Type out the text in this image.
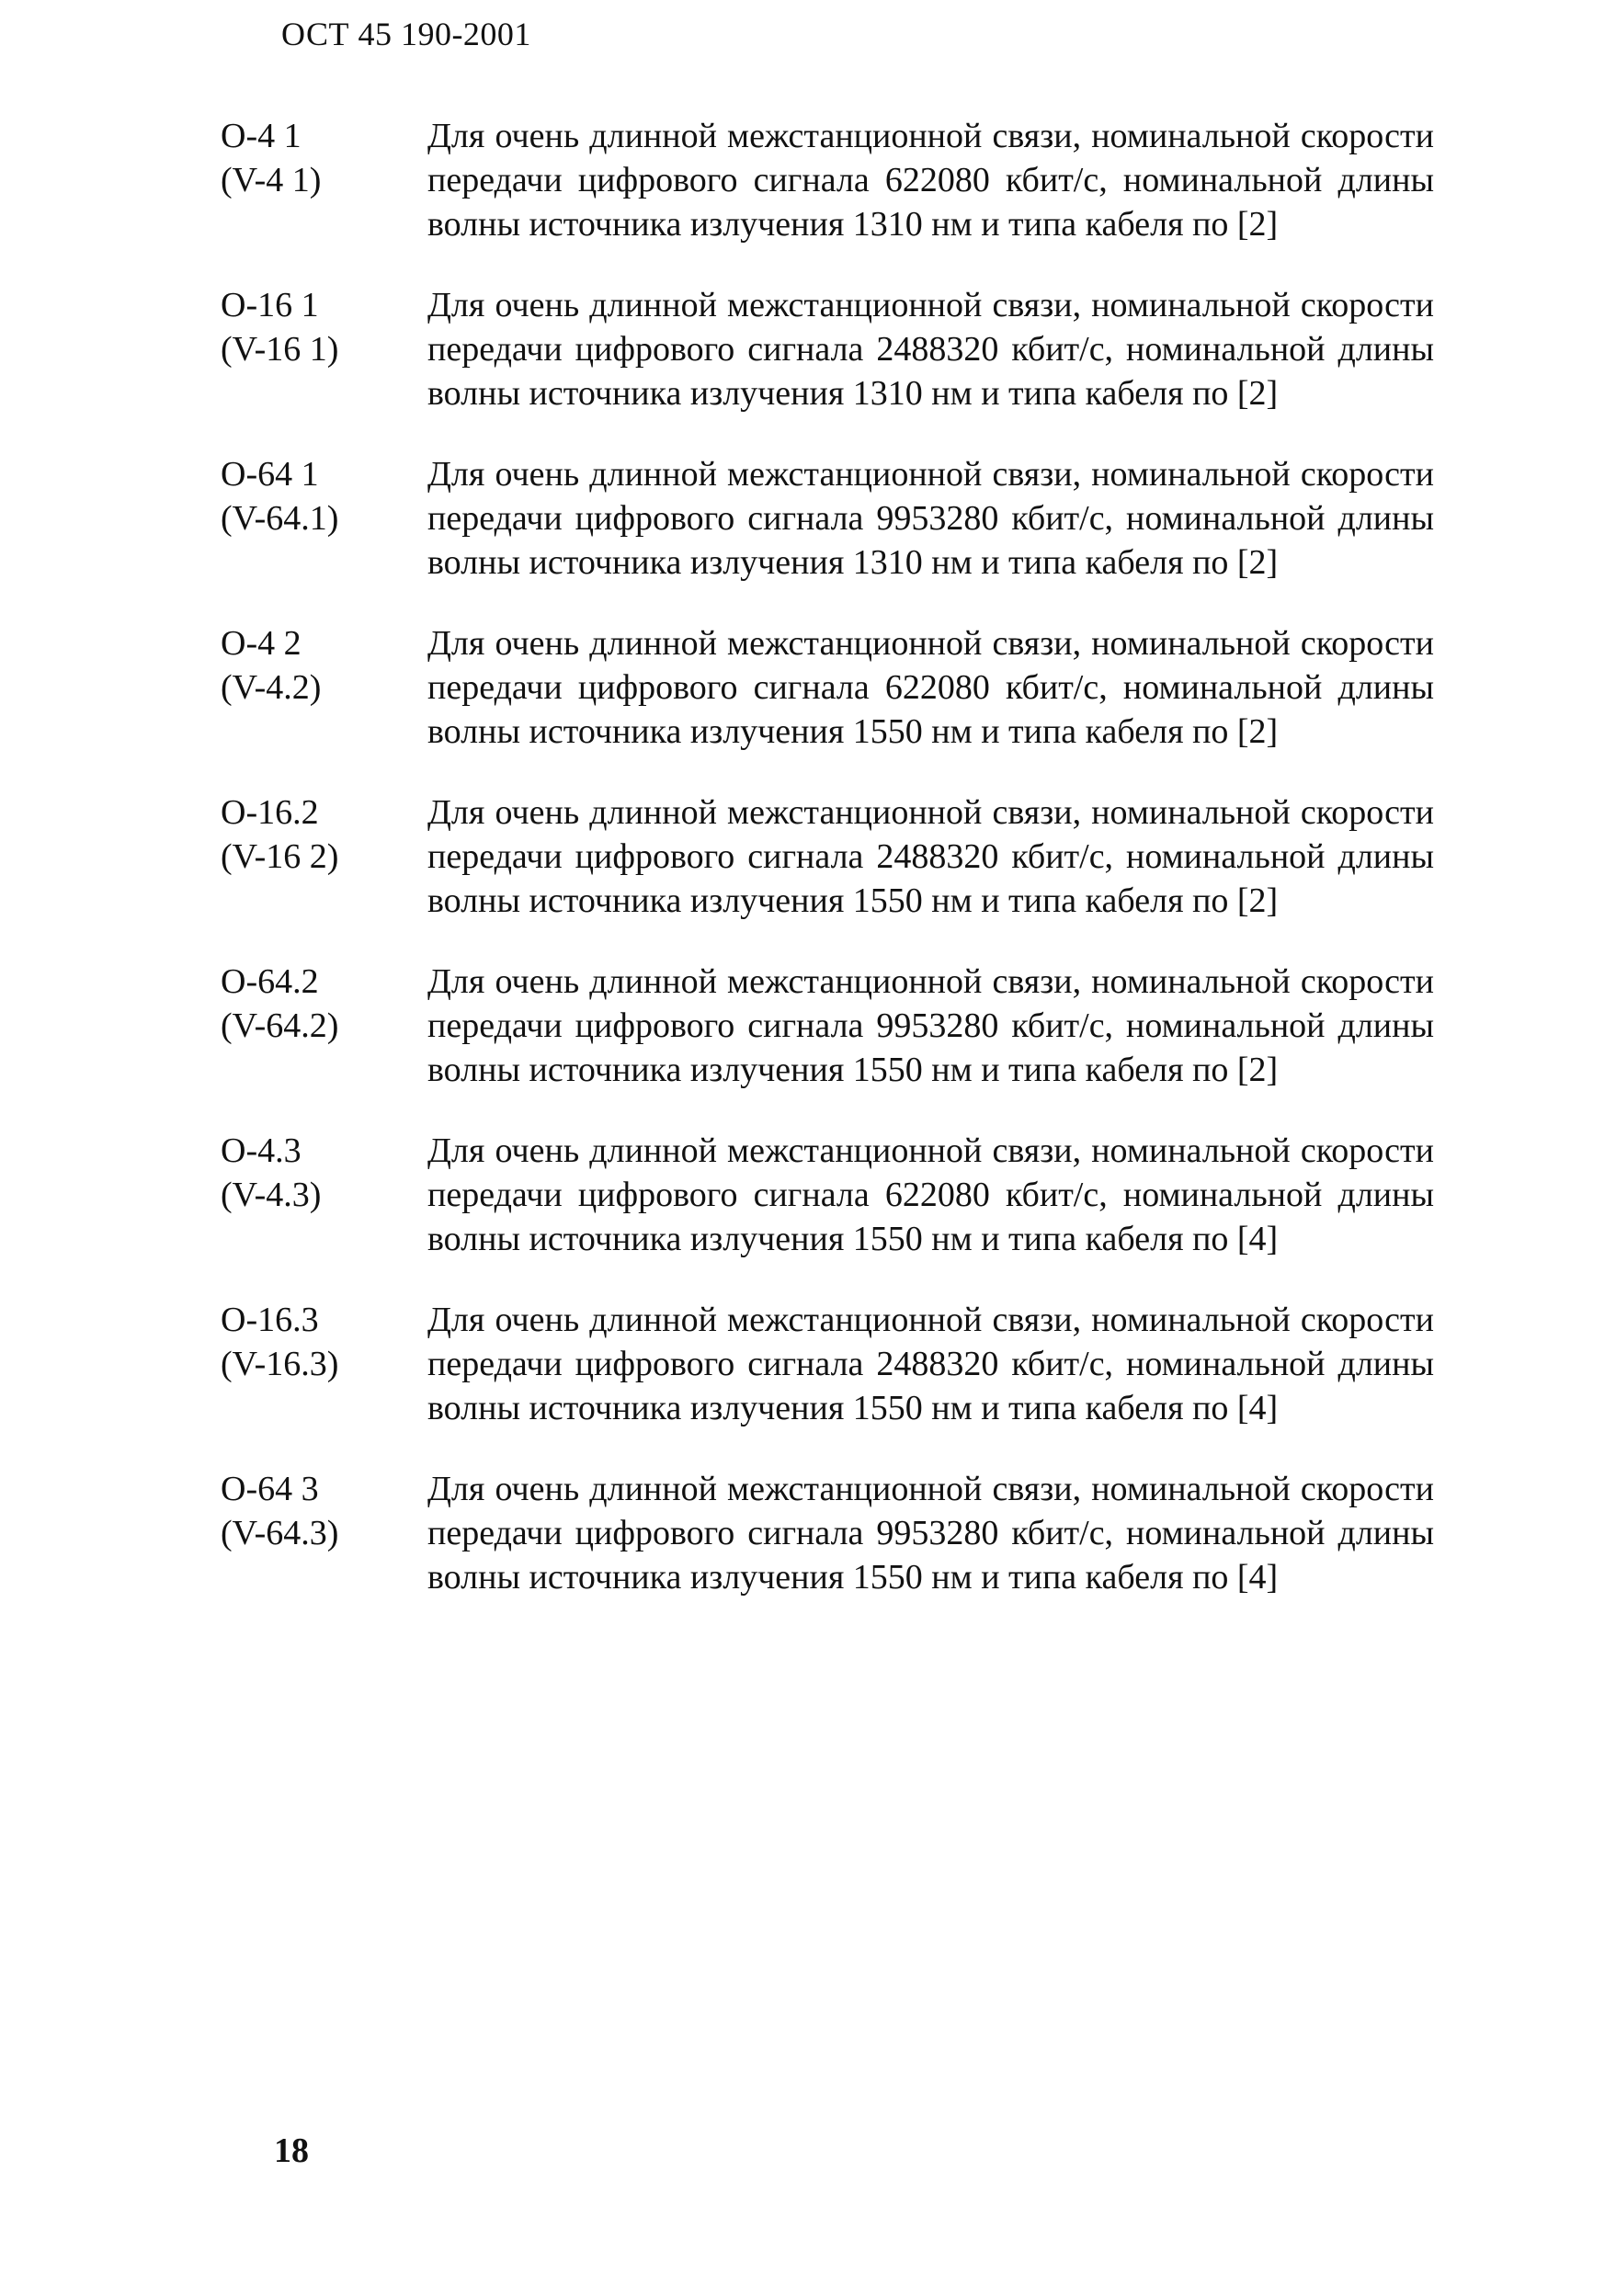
ОСТ 45 190-2001
O-4 1
(V-4 1)
Для очень длинной межстанционной связи, номинальной скорости передачи цифрового сигнала 622080 кбит/с, номинальной длины волны источника излучения 1310 нм и типа кабеля по [2]
O-16 1
(V-16 1)
Для очень длинной межстанционной связи, номинальной скорости передачи цифрового сигнала 2488320 кбит/с, номинальной длины волны источника излучения 1310 нм и типа кабеля по [2]
O-64 1
(V-64.1)
Для очень длинной межстанционной связи, номинальной скорости передачи цифрового сигнала 9953280 кбит/с, номинальной длины волны источника излучения 1310 нм и типа кабеля по [2]
O-4 2
(V-4.2)
Для очень длинной межстанционной связи, номинальной скорости передачи цифрового сигнала 622080 кбит/с, номинальной длины волны источника излучения 1550 нм и типа кабеля по [2]
O-16.2
(V-16 2)
Для очень длинной межстанционной связи, номинальной скорости передачи цифрового сигнала 2488320 кбит/с, номинальной длины волны источника излучения 1550 нм и типа кабеля по [2]
O-64.2
(V-64.2)
Для очень длинной межстанционной связи, номинальной скорости передачи цифрового сигнала 9953280 кбит/с, номинальной длины волны источника излучения 1550 нм и типа кабеля по [2]
O-4.3
(V-4.3)
Для очень длинной межстанционной связи, номинальной скорости передачи цифрового сигнала 622080 кбит/с, номинальной длины волны источника излучения 1550 нм и типа кабеля по [4]
O-16.3
(V-16.3)
Для очень длинной межстанционной связи, номинальной скорости передачи цифрового сигнала 2488320 кбит/с, номинальной длины волны источника излучения 1550 нм и типа кабеля по [4]
O-64 3
(V-64.3)
Для очень длинной межстанционной связи, номинальной скорости передачи цифрового сигнала 9953280 кбит/с, номинальной длины волны источника излучения 1550 нм и типа кабеля по [4]
18
